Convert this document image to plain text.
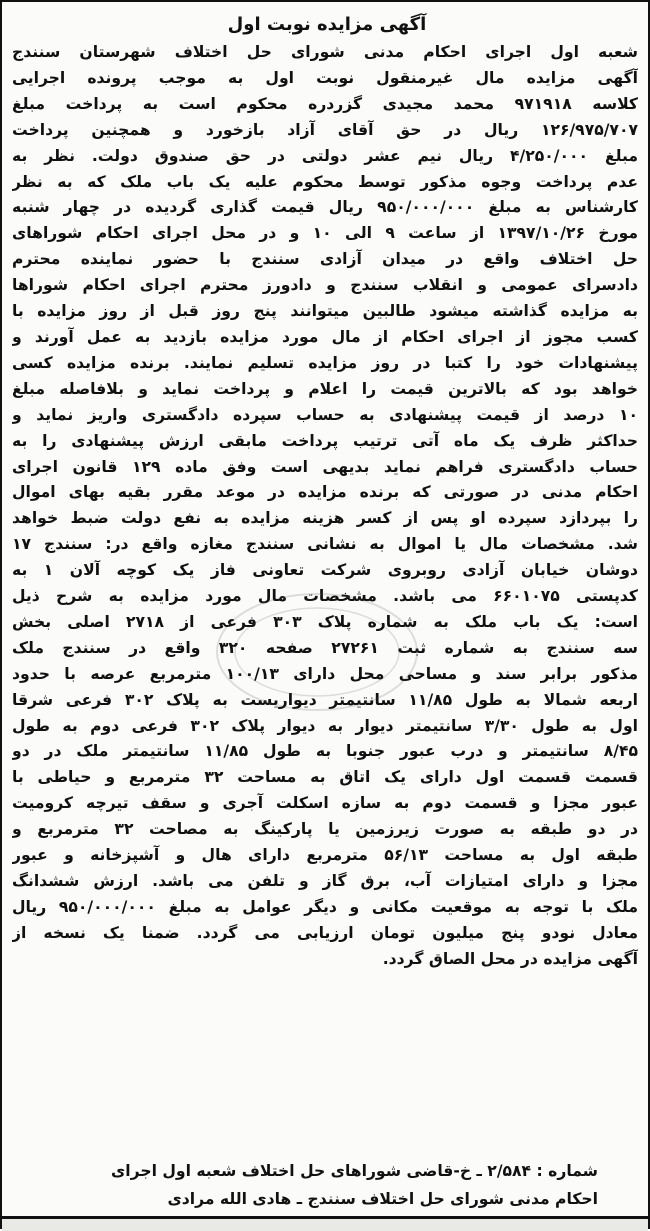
آگهی مزایده نوبت اول
شعبه اول اجرای احکام مدنی شورای حل اختلاف شهرستان سنندج
آگهی مزایده مال غیرمنقول نوبت اول به موجب پرونده اجرایی
کلاسه ۹۷۱۹۱۸ محمد مجیدی گزردره محکوم است به پرداخت مبلغ
۱۲۶/۹۷۵/۷۰۷ ریال در حق آقای آزاد بازخورد و همچنین پرداخت
مبلغ ۴/۲۵۰/۰۰۰ ریال نیم عشر دولتی در حق صندوق دولت. نظر به
عدم پرداخت وجوه مذکور توسط محکوم علیه یک باب ملک که به نظر
کارشناس به مبلغ ۹۵۰/۰۰۰/۰۰۰ ریال قیمت گذاری گردیده در چهار شنبه
مورخ ۱۳۹۷/۱۰/۲۶ از ساعت ۹ الی ۱۰ و در محل اجرای احکام شوراهای
حل اختلاف واقع در میدان آزادی سنندج با حضور نماینده محترم
دادسرای عمومی و انقلاب سنندج و دادورز محترم اجرای احکام شوراها
به مزایده گذاشته میشود طالبین میتوانند پنج روز قبل از روز مزایده با
کسب مجوز از اجرای احکام از مال مورد مزایده بازدید به عمل آورند و
پیشنهادات خود را کتبا در روز مزایده تسلیم نمایند. برنده مزایده کسی
خواهد بود که بالاترین قیمت را اعلام و پرداخت نماید و بلافاصله مبلغ
۱۰ درصد از قیمت پیشنهادی به حساب سپرده دادگستری واریز نماید و
حداکثر ظرف یک ماه آتی ترتیب پرداخت مابقی ارزش پیشنهادی را به
حساب دادگستری فراهم نماید بدیهی است وفق ماده ۱۲۹ قانون اجرای
احکام مدنی در صورتی که برنده مزایده در موعد مقرر بقیه بهای اموال
را بپردازد سپرده او پس از کسر هزینه مزایده به نفع دولت ضبط خواهد
شد. مشخصات مال یا اموال به نشانی سنندج مغازه واقع در: سنندج ۱۷
دوشان خیابان آزادی روبروی شرکت تعاونی فاز یک کوچه آلان ۱ به
کدپستی ۶۶۰۱۰۷۵ می باشد. مشخصات مال مورد مزایده به شرح ذیل
است: یک باب ملک به شماره پلاک ۳۰۳ فرعی از ۲۷۱۸ اصلی بخش
سه سنندج به شماره ثبت ۲۷۲۶۱ صفحه ۳۲۰ واقع در سنندج ملک
مذکور برابر سند و مساحی محل دارای ۱۰۰/۱۳ مترمربع عرصه با حدود
اربعه شمالا به طول ۱۱/۸۵ سانتیمتر دیواریست به پلاک ۳۰۲ فرعی شرقا
اول به طول ۳/۳۰ سانتیمتر دیوار به دیوار پلاک ۳۰۲ فرعی دوم به طول
۸/۴۵ سانتیمتر و درب عبور جنوبا به طول ۱۱/۸۵ سانتیمتر ملک در دو
قسمت قسمت اول دارای یک اتاق به مساحت ۳۲ مترمربع و حیاطی با
عبور مجزا و قسمت دوم به سازه اسکلت آجری و سقف تیرچه کرومیت
در دو طبقه به صورت زیرزمین یا پارکینگ به مصاحت ۳۲ مترمربع و
طبقه اول به مساحت ۵۶/۱۳ مترمربع دارای هال و آشپزخانه و عبور
مجزا و دارای امتیازات آب، برق گاز و تلفن می باشد. ارزش ششدانگ
ملک با توجه به موقعیت مکانی و دیگر عوامل به مبلغ ۹۵۰/۰۰۰/۰۰۰ ریال
معادل نودو پنج میلیون تومان ارزیابی می گردد. ضمنا یک نسخه از
آگهی مزایده در محل الصاق گردد.
شماره : ۲/۵۸۴ ـ خ-قاضی شوراهای حل اختلاف شعبه اول اجرای
احکام مدنی شورای حل اختلاف سنندج ـ هادی الله مرادی
